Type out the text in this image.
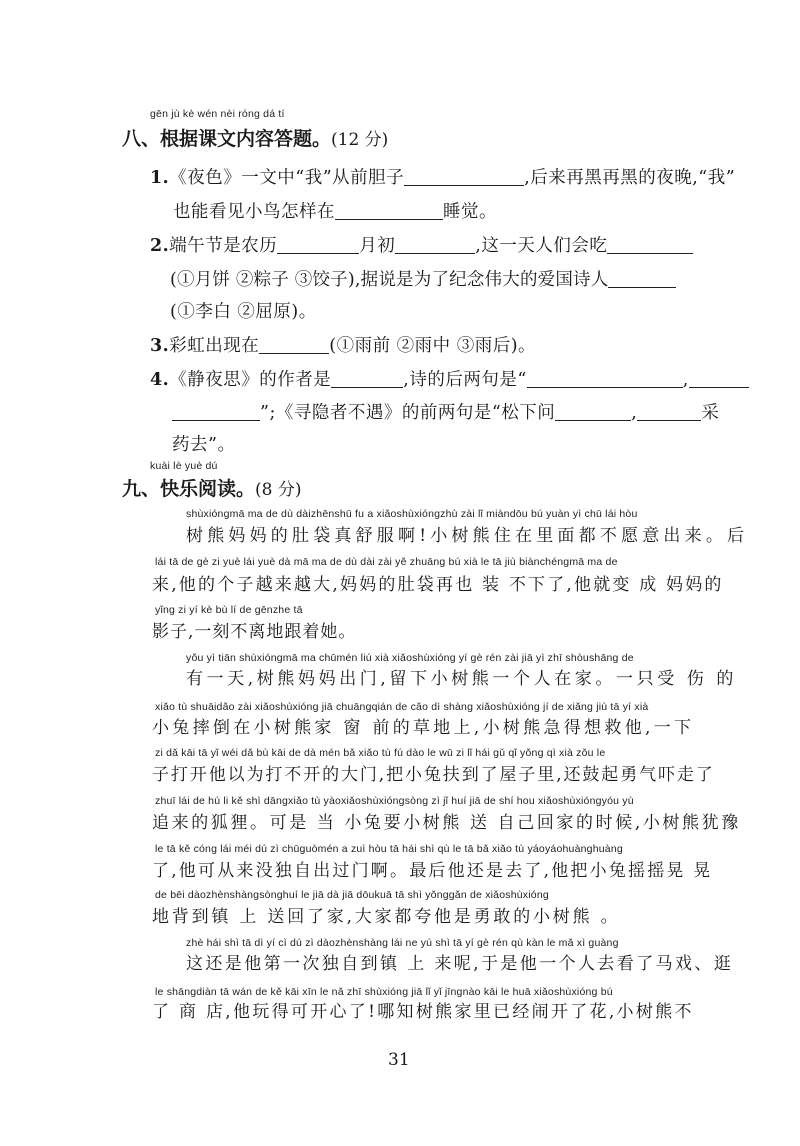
gēn jù kè wén nèi róng dá tí
八、根据课文内容答题。(12 分)
1.《夜色》一文中“我”从前胆子	,后来再黑再黑的夜晚,“我”
也能看见小鸟怎样在	睡觉。
2.端午节是农历	月初	,这一天人们会吃
(①月饼 ②粽子 ③饺子),据说是为了纪念伟大的爱国诗人
(①李白 ②屈原)。
3.彩虹出现在	(①雨前 ②雨中 ③雨后)。
4.《静夜思》的作者是	,诗的后两句是“	,
”;《寻隐者不遇》的前两句是“松下问	,	采
药去”。
kuài lè yuè dú
九、快乐阅读。(8 分)
shùxióngmā ma de dù dàizhēnshū fu a xiǎoshùxióngzhù zài lǐ miàndōu bú yuàn yì chū lái hòu
树熊妈妈的肚袋真舒服啊!小树熊住在里面都不愿意出来。后
lái tā de gè zi yuè lái yuè dà mā ma de dù dài zài yě zhuāng bú xià le tā jiù biànchéngmā ma de
来,他的个子越来越大,妈妈的肚袋再也 装 不下了,他就变 成 妈妈的
yǐng zi yí kè bù lí de gēnzhe tā
影子,一刻不离地跟着她。
yǒu yì tiān shùxióngmā ma chūmén liú xià xiǎoshùxióng yí gè rén zài jiā yì zhī shòushāng de
有一天,树熊妈妈出门,留下小树熊一个人在家。一只受 伤 的
xiǎo tù shuāidǎo zài xiǎoshùxióng jiā chuāngqián de cǎo dì shàng xiǎoshùxióng jí de xiǎng jiù tā yí xià
小兔摔倒在小树熊家 窗 前的草地上,小树熊急得想救他,一下
zi dǎ kāi tā yǐ wéi dǎ bù kāi de dà mén bǎ xiǎo tù fú dào le wū zi lǐ hái gǔ qǐ yǒng qì xià zǒu le
子打开他以为打不开的大门,把小兔扶到了屋子里,还鼓起勇气吓走了
zhuī lái de hú li kě shì dāngxiǎo tù yàoxiǎoshùxióngsòng zì jǐ huí jiā de shí hou xiǎoshùxióngyóu yù
追来的狐狸。可是 当 小兔要小树熊 送 自己回家的时候,小树熊犹豫
le tā kě cóng lái méi dú zì chūguòmén a zuì hòu tā hái shì qù le tā bǎ xiǎo tù yáoyáohuànghuàng
了,他可从来没独自出过门啊。最后他还是去了,他把小兔摇摇晃 晃
de bēi dàozhènshàngsònghuí le jiā dà jiā dōukuā tā shì yǒnggǎn de xiǎoshùxióng
地背到镇 上 送回了家,大家都夸他是勇敢的小树熊 。
zhè hái shì tā dì yí cì dú zì dàozhènshàng lái ne yú shì tā yí gè rén qù kàn le mǎ xì guàng
这还是他第一次独自到镇 上 来呢,于是他一个人去看了马戏、逛
le shāngdiàn tā wán de kě kāi xīn le nǎ zhī shùxióng jiā lǐ yǐ jīngnào kāi le huā xiǎoshùxióng bú
了 商 店,他玩得可开心了!哪知树熊家里已经闹开了花,小树熊不
31
